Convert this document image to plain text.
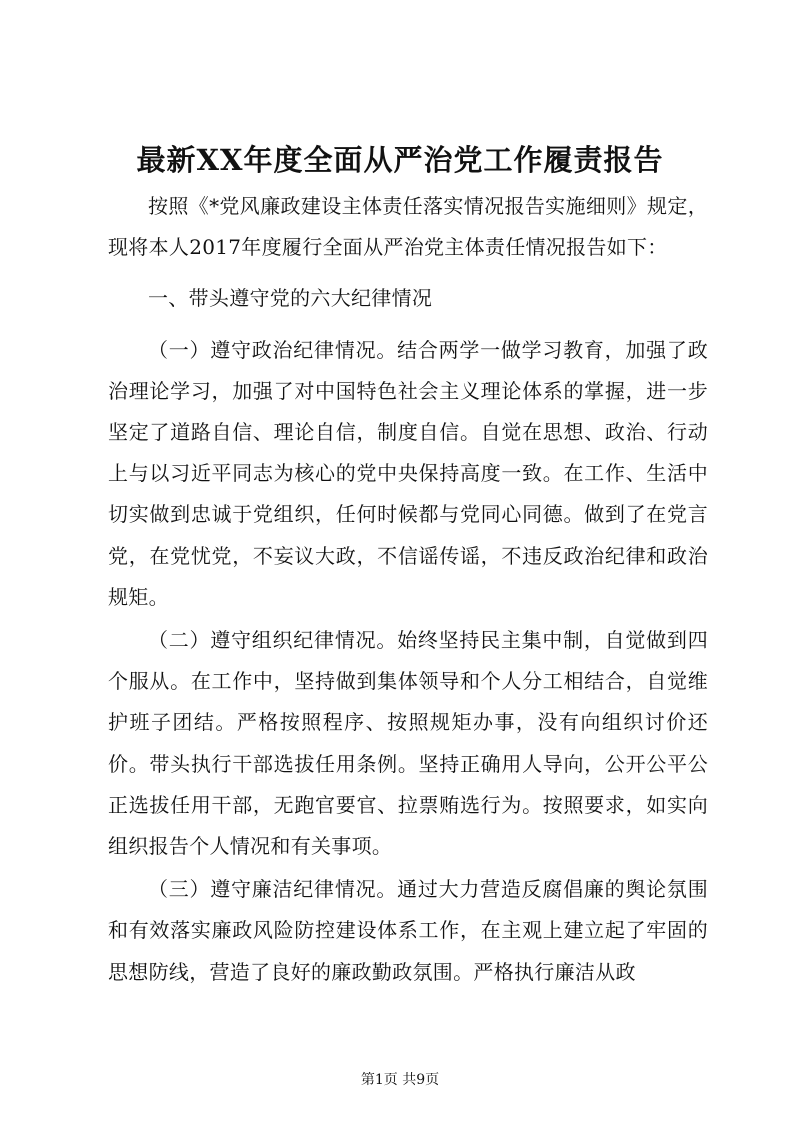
最新XX年度全面从严治党工作履责报告

按照《*党风廉政建设主体责任落实情况报告实施细则》规定，现将本人2017年度履行全面从严治党主体责任情况报告如下：

一、带头遵守党的六大纪律情况

（一）遵守政治纪律情况。结合两学一做学习教育，加强了政治理论学习，加强了对中国特色社会主义理论体系的掌握，进一步坚定了道路自信、理论自信，制度自信。自觉在思想、政治、行动上与以习近平同志为核心的党中央保持高度一致。在工作、生活中切实做到忠诚于党组织，任何时候都与党同心同德。做到了在党言党，在党忧党，不妄议大政，不信谣传谣，不违反政治纪律和政治规矩。

（二）遵守组织纪律情况。始终坚持民主集中制，自觉做到四个服从。在工作中，坚持做到集体领导和个人分工相结合，自觉维护班子团结。严格按照程序、按照规矩办事，没有向组织讨价还价。带头执行干部选拔任用条例。坚持正确用人导向，公开公平公正选拔任用干部，无跑官要官、拉票贿选行为。按照要求，如实向组织报告个人情况和有关事项。

（三）遵守廉洁纪律情况。通过大力营造反腐倡廉的舆论氛围和有效落实廉政风险防控建设体系工作，在主观上建立起了牢固的思想防线，营造了良好的廉政勤政氛围。严格执行廉洁从政

第1页 共9页
